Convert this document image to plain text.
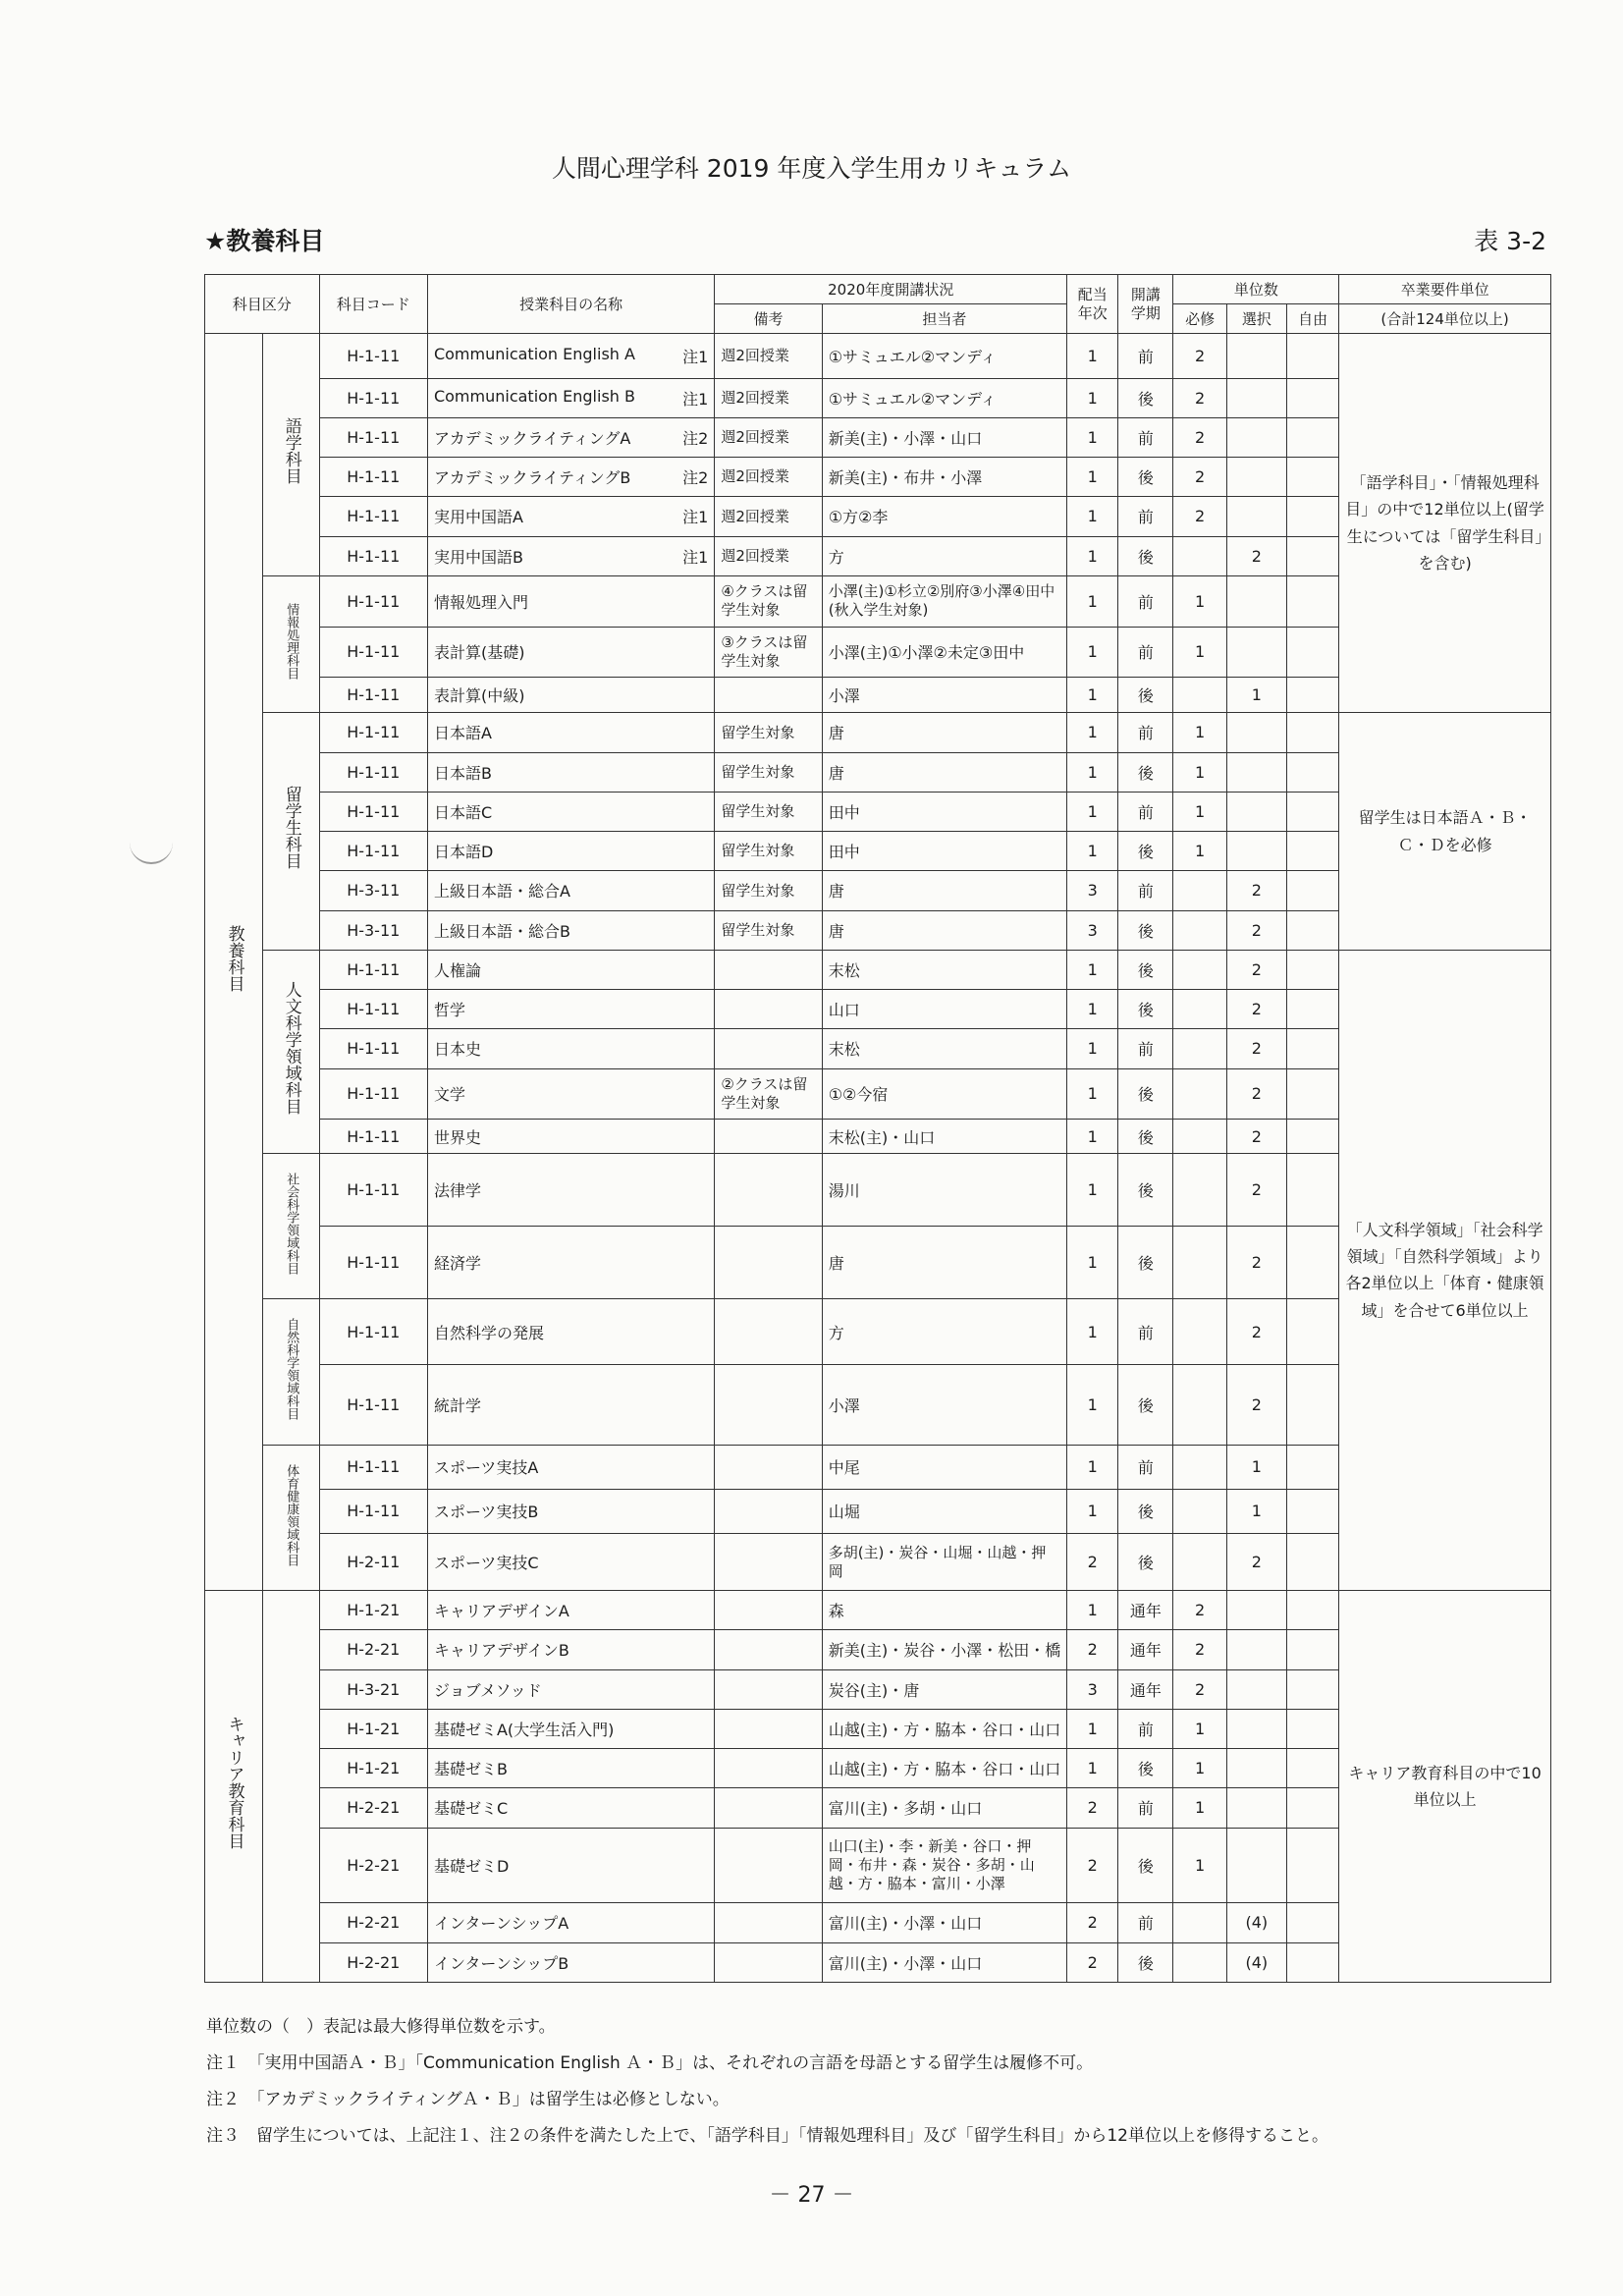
人間心理学科 2019 年度入学生用カリキュラム
★教養科目	表 3-2
科目区分		科目コード	授業科目の名称	2020年度開講状況		配当年次	開講学期	単位数			卒業要件単位
				備考	担当者			必修	選択	自由	(合計124単位以上)
教養科目	語学科目	H-1-11	Communication English A 注1	週2回授業	①サミュエル②マンディ	1	前	2			「語学科目」・「情報処理科目」の中で12単位以上(留学生については「留学生科目」を含む)
		H-1-11	Communication English B 注1	週2回授業	①サミュエル②マンディ	1	後	2			
		H-1-11	アカデミックライティングA 注2	週2回授業	新美(主)・小澤・山口	1	前	2			
		H-1-11	アカデミックライティングB 注2	週2回授業	新美(主)・布井・小澤	1	後	2			
		H-1-11	実用中国語A 注1	週2回授業	①方②李	1	前	2			
		H-1-11	実用中国語B 注1	週2回授業	方	1	後		2		
	情報処理科目	H-1-11	情報処理入門	④クラスは留学生対象	小澤(主)①杉立②別府③小澤④田中(秋入学生対象)	1	前	1			
		H-1-11	表計算(基礎)	③クラスは留学生対象	小澤(主)①小澤②未定③田中	1	前	1			
		H-1-11	表計算(中級)		小澤	1	後		1		
	留学生科目	H-1-11	日本語A	留学生対象	唐	1	前	1			留学生は日本語Ａ・Ｂ・Ｃ・Ｄを必修
		H-1-11	日本語B	留学生対象	唐	1	後	1			
		H-1-11	日本語C	留学生対象	田中	1	前	1			
		H-1-11	日本語D	留学生対象	田中	1	後	1			
		H-3-11	上級日本語・総合A	留学生対象	唐	3	前		2		
		H-3-11	上級日本語・総合B	留学生対象	唐	3	後		2		
	人文科学領域科目	H-1-11	人権論		末松	1	後		2		「人文科学領域」「社会科学領域」「自然科学領域」より各2単位以上「体育・健康領域」を合せて6単位以上
		H-1-11	哲学		山口	1	後		2		
		H-1-11	日本史		末松	1	前		2		
		H-1-11	文学	②クラスは留学生対象	①②今宿	1	後		2		
		H-1-11	世界史		末松(主)・山口	1	後		2		
	社会科学領域科目	H-1-11	法律学		湯川	1	後		2		
		H-1-11	経済学		唐	1	後		2		
	自然科学領域科目	H-1-11	自然科学の発展		方	1	前		2		
		H-1-11	統計学		小澤	1	後		2		
	体育健康領域科目	H-1-11	スポーツ実技A		中尾	1	前		1		
		H-1-11	スポーツ実技B		山堀	1	後		1		
		H-2-11	スポーツ実技C		多胡(主)・炭谷・山堀・山越・押岡	2	後		2		
キャリア教育科目		H-1-21	キャリアデザインA		森	1	通年	2			キャリア教育科目の中で10単位以上
		H-2-21	キャリアデザインB		新美(主)・炭谷・小澤・松田・橋	2	通年	2			
		H-3-21	ジョブメソッド		炭谷(主)・唐	3	通年	2			
		H-1-21	基礎ゼミA(大学生活入門)		山越(主)・方・脇本・谷口・山口	1	前	1			
		H-1-21	基礎ゼミB		山越(主)・方・脇本・谷口・山口	1	後	1			
		H-2-21	基礎ゼミC		富川(主)・多胡・山口	2	前	1			
		H-2-21	基礎ゼミD		山口(主)・李・新美・谷口・押岡・布井・森・炭谷・多胡・山越・方・脇本・富川・小澤	2	後	1			
		H-2-21	インターンシップA		富川(主)・小澤・山口	2	前		(4)		
		H-2-21	インターンシップB		富川(主)・小澤・山口	2	後		(4)		
単位数の（　）表記は最大修得単位数を示す。
注１　「実用中国語Ａ・Ｂ」「Communication English Ａ・Ｂ」は、それぞれの言語を母語とする留学生は履修不可。
注２　「アカデミックライティングＡ・Ｂ」は留学生は必修としない。
注３　留学生については、上記注１、注２の条件を満たした上で、「語学科目」「情報処理科目」及び「留学生科目」から12単位以上を修得すること。
－ 27 －
